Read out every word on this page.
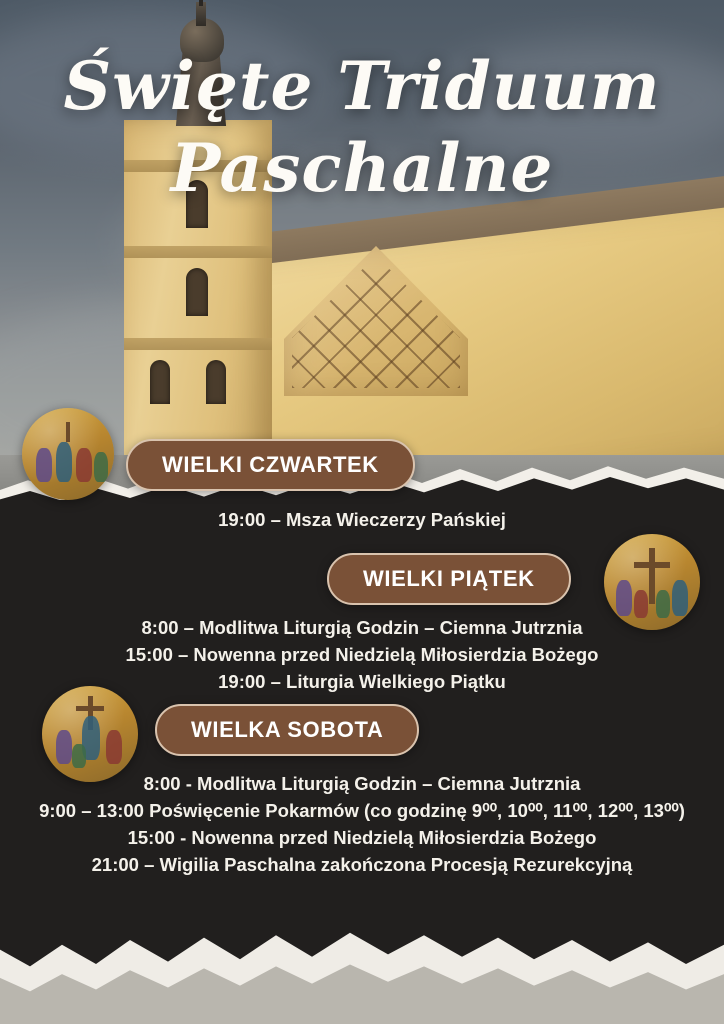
Święte Triduum
Paschalne
WIELKI CZWARTEK
WIELKI PIĄTEK
WIELKA SOBOTA
19:00 – Msza Wieczerzy Pańskiej
8:00 – Modlitwa Liturgią Godzin – Ciemna Jutrznia
15:00 – Nowenna przed Niedzielą Miłosierdzia Bożego
19:00 – Liturgia Wielkiego Piątku
8:00 - Modlitwa Liturgią Godzin – Ciemna Jutrznia
9:00 – 13:00 Poświęcenie Pokarmów (co godzinę 9⁰⁰, 10⁰⁰, 11⁰⁰, 12⁰⁰, 13⁰⁰)
15:00 - Nowenna przed Niedzielą Miłosierdzia Bożego
21:00 – Wigilia Paschalna zakończona Procesją Rezurekcyjną
